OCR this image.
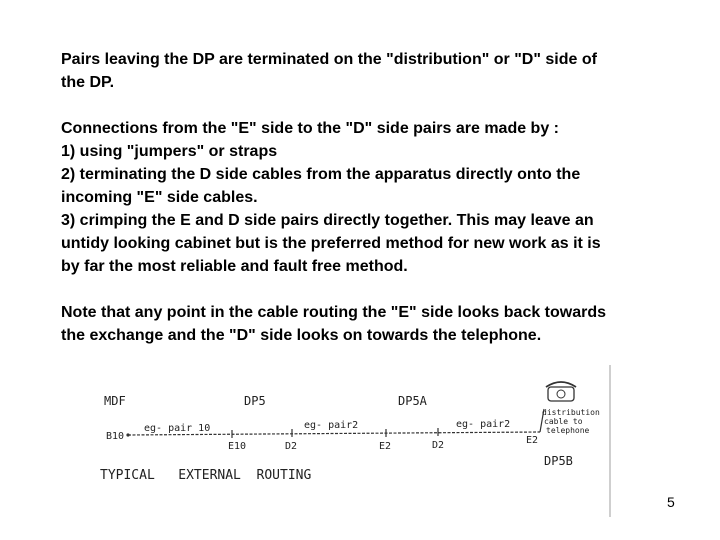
Pairs leaving the DP are terminated on the "distribution" or "D" side of
the DP.

Connections from the "E" side to the "D" side pairs are made by :

1) using "jumpers" or straps

2) terminating the D side cables from the apparatus directly onto the
incoming "E" side cables.

3) crimping the E and D side pairs directly together. This may leave an
untidy looking cabinet but is the preferred method for new work as it is
by far the most reliable and fault free method.

Note that any point in the cable routing the "E" side looks back towards
the exchange and the "D" side looks on towards the telephone.

MDF	DP5	DP5A
B10
eg- pair 10
E10	D2
eg- pair2
E2	D2
eg- pair2
E2
distribution
cable to
telephone
DP5B
TYPICAL   EXTERNAL  ROUTING
5
